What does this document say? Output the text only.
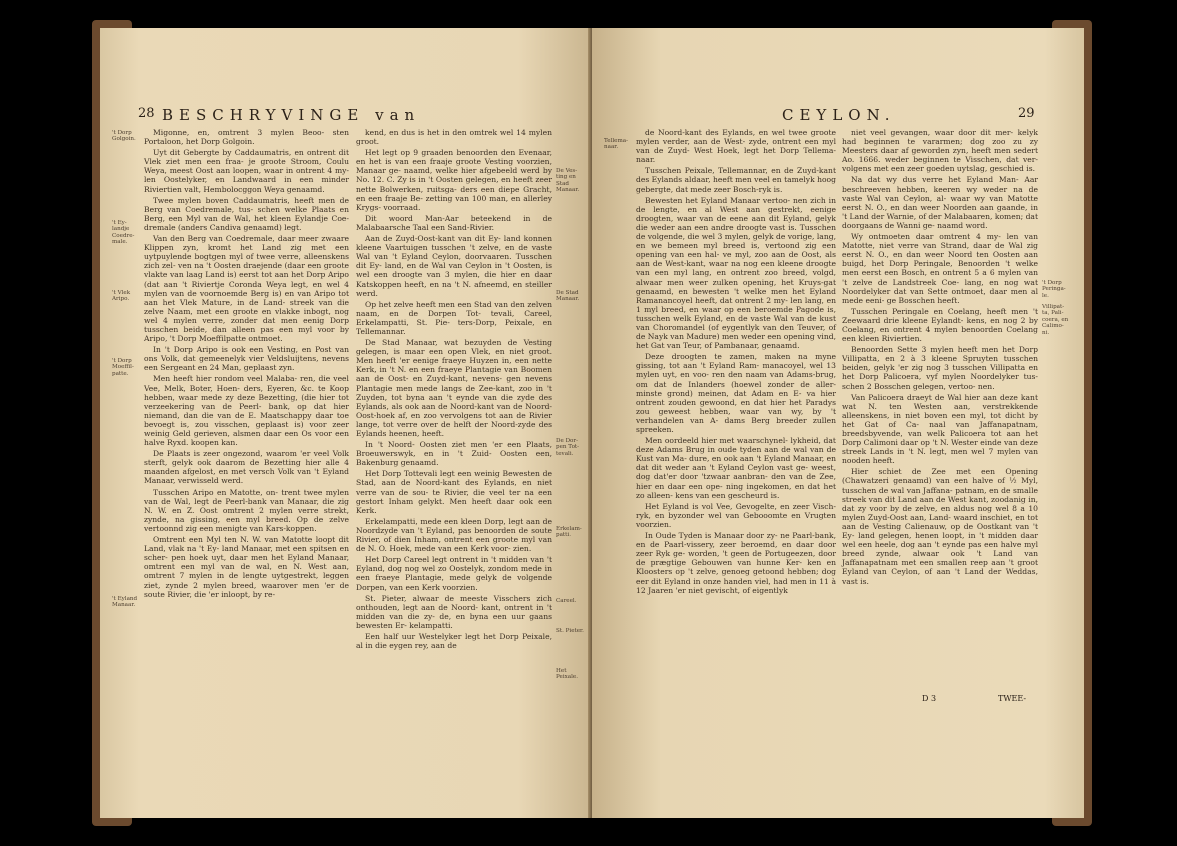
28 BESCHRYVINGE van
't Dorp Golgoin.
't Ey- landje Coedre- male.
't Vlek Aripo.
't Dorp Moeffil- patte.
't Eyland Manaar.
De Ves- ting en Stad Manaar.
De Stad Manaar.
De Dor- pen Tot- tevali.
Erkelam- patti.
Careel.
St. Pieter.
Het Peixale.

Migonne, en, omtrent 3 mylen Beoo- sten Portaloon, het Dorp Golgoin.

Uyt dit Gebergte by Caddaumatris, en ontrent dit Vlek ziet men een fraa- je groote Stroom, Coulu Weya, meest Oost aan loopen, waar in ontrent 4 my- len Oostelyker, en Landwaard in een minder Riviertien valt, Hembolocggon Weya genaamd.

Twee mylen boven Caddaumatris, heeft men de Berg van Coedremale, tus- schen welke Plaats en Berg, een Myl van de Wal, het kleen Eylandje Coe- dremale (anders Candiva genaamd) legt.

Van den Berg van Coedremale, daar meer zwaare Klippen zyn, kromt het Land zig met een uytpuylende bogtgen myl of twee verre, alleenskens zich zel- ven na 't Oosten draejende (daar een groote vlakte van laag Land is) eerst tot aan het Dorp Aripo (dat aan 't Riviertje Coronda Weya legt, en wel 4 mylen van de voornoemde Berg is) en van Aripo tot aan het Vlek Mature, in de Land- streek van die zelve Naam, met een groote en vlakke inbogt, nog wel 4 mylen verre, zonder dat men eenig Dorp tusschen beide, dan alleen pas een myl voor by Aripo, 't Dorp Moeffilpatte ontmoet.

In 't Dorp Aripo is ook een Vesting, en Post van ons Volk, dat gemeenelyk vier Veldsluijtens, nevens een Sergeant en 24 Man, geplaast zyn.

Men heeft hier rondom veel Malaba- ren, die veel Vee, Melk, Boter, Hoen- ders, Eyeren, &c. te Koop hebben, waar mede zy deze Bezetting, (die hier tot verzeekering van de Peerl- bank, op dat hier niemand, dan die van de E. Maatschappy daar toe bevoegt is, zou visschen, geplaast is) voor zeer weinig Geld gerieven, alsmen daar een Os voor een halve Ryxd. koopen kan.

De Plaats is zeer ongezond, waarom 'er veel Volk sterft, gelyk ook daarom de Bezetting hier alle 4 maanden afgelost, en met versch Volk van 't Eyland Manaar, verwisseld werd.

Tusschen Aripo en Matotte, on- trent twee mylen van de Wal, legt de Peerl-bank van Manaar, die zig N. W. en Z. Oost omtrent 2 mylen verre strekt, zynde, na gissing, een myl breed. Op de zelve vertoonnd zig een menigte van Kars-koppen.

Omtrent een Myl ten N. W. van Matotte loopt dit Land, vlak na 't Ey- land Manaar, met een spitsen en scher- pen hoek uyt, daar men het Eyland Manaar, omtrent een myl van de wal, en N. West aan, omtrent 7 mylen in de lengte uytgestrekt, leggen ziet, zynde 2 mylen breed, waarover men 'er de soute Rivier, die 'er inloopt, by re-

kend, en dus is het in den omtrek wel 14 mylen groot.

Het legt op 9 graaden benoorden den Evenaar, en het is van een fraaje groote Vesting voorzien, Manaar ge- naamd, welke hier afgebeeld werd by No. 12. C. Zy is in 't Oosten gelegen, en heeft zeer nette Bolwerken, ruitsga- ders een diepe Gracht, en een fraaje Be- zetting van 100 man, en allerley Krygs- voorraad.

Dit woord Man-Aar beteekend in de Malabaarsche Taal een Sand-Rivier.

Aan de Zuyd-Oost-kant van dit Ey- land konnen kleene Vaartuigen tusschen 't zelve, en de vaste Wal van 't Eyland Ceylon, doorvaaren. Tusschen dit Ey- land, en de Wal van Ceylon in 't Oosten, is wel een droogte van 3 mylen, die hier en daar Katskoppen heeft, en na 't N. afneemd, en steiller werd.

Op het zelve heeft men een Stad van den zelven naam, en de Dorpen Tot- tevali, Careel, Erkelampatti, St. Pie- ters-Dorp, Peixale, en Tellemannar.

De Stad Manaar, wat bezuyden de Vesting gelegen, is maar een open Vlek, en niet groot. Men heeft 'er eenige fraeye Huyzen in, een nette Kerk, in 't N. en een fraeye Plantagie van Boomen aan de Oost- en Zuyd-kant, nevens- gen nevens Plantagie men mede langs de Zee-kant, zoo in 't Zuyden, tot byna aan 't eynde van die zyde des Eylands, als ook aan de Noord-kant van de Noord- Oost-hoek af, en zoo vervolgens tot aan de Rivier lange, tot verre over de helft der Noord-zyde des Eylands heenen, heeft.

In 't Noord- Oosten ziet men 'er een Plaats, Broeuwerswyk, en in 't Zuid- Oosten een, Bakenburg genaamd.

Het Dorp Tottevali legt een weinig Bewesten de Stad, aan de Noord-kant des Eylands, en niet verre van de sou- te Rivier, die veel ter na een gestort Inham gelykt. Men heeft daar ook een Kerk.

Erkelampatti, mede een kleen Dorp, legt aan de Noordzyde van 't Eyland, pas benoorden de soute Rivier, of dien Inham, ontrent een groote myl van de N. O. Hoek, mede van een Kerk voor- zien.

Het Dorp Careel legt ontrent in 't midden van 't Eyland, dog nog wel zo Oostelyk, zondom mede in een fraeye Plantagie, mede gelyk de volgende Dorpen, van een Kerk voorzien.

St. Pieter, alwaar de meeste Visschers zich onthouden, legt aan de Noord- kant, ontrent in 't midden van die zy- de, en byna een uur gaans bewesten Er- kelampatti.

Een half uur Westelyker legt het Dorp Peixale, al in die eygen rey, aan de

CEYLON.	29
Tellema- naar.
't Dorp Peringa- le.
Villipat- ta, Pali- coera, en Calimo- ni.

de Noord-kant des Eylands, en wel twee groote mylen verder, aan de West- zyde, ontrent een myl van de Zuyd- West Hoek, legt het Dorp Tellema- naar.

Tusschen Peixale, Tellemannar, en de Zuyd-kant des Eylands aldaar, heeft men veel en tamelyk hoog gebergte, dat mede zeer Bosch-ryk is.

Bewesten het Eyland Manaar vertoo- nen zich in de lengte, en al West aan gestrekt, eenige droogten, waar van de eene aan dit Eyland, gelyk die weder aan een andre droogte vast is. Tusschen de volgende, die wel 3 mylen, gelyk de vorige, lang, en we bemeen myl breed is, vertoond zig een opening van een hal- ve myl, zoo aan de Oost, als aan de West-kant, waar na nog een kleene droogte van een myl lang, en ontrent zoo breed, volgd, alwaar men weer zulken opening, het Kruys-gat genaamd, en bewesten 't welke men het Eyland Ramanancoyel heeft, dat ontrent 2 my- len lang, en 1 myl breed, en waar op een beroemde Pagode is, tusschen welk Eyland, en de vaste Wal van de kust van Choromandel (of eygentlyk van den Teuver, of de Nayk van Madure) men weder een opening vind, het Gat van Teur, of Pambanaar, genaamd.

Deze droogten te zamen, maken na myne gissing, tot aan 't Eyland Ram- manacoyel, wel 13 mylen uyt, en voo- ren den naam van Adams-brug, om dat de Inlanders (hoewel zonder de aller- minste grond) meinen, dat Adam en E- va hier ontrent zouden gewoond, en dat hier het Paradys zou geweest hebben, waar van wy, by 't verhandelen van A- dams Berg breeder zullen spreeken.

Men oordeeld hier met waarschynel- lykheid, dat deze Adams Brug in oude tyden aan de wal van de Kust van Ma- dure, en ook aan 't Eyland Manaar, en dat dit weder aan 't Eyland Ceylon vast ge- weest, dog dat'er door 'tzwaar aanbran- den van de Zee, hier en daar een ope- ning ingekomen, en dat het zo alleen- kens van een gescheurd is.

Het Eyland is vol Vee, Gevogelte, en zeer Visch-ryk, en byzonder wel van Gebooomte en Vrugten voorzien.

In Oude Tyden is Manaar door zy- ne Paarl-bank, en de Paarl-vissery, zeer beroemd, en daar door zeer Ryk ge- worden, 't geen de Portugeezen, door de prægtige Gebouwen van hunne Ker- ken en Kloosters op 't zelve, genoeg getoond hebben; dog eer dit Eyland in onze handen viel, had men in 11 à 12 Jaaren 'er niet gevischt, of eigentlyk

niet veel gevangen, waar door dit mer- kelyk had beginnen te vararmen; dog zoo zu zy Meesters daar af geworden zyn, heeft men sedert Ao. 1666. weder beginnen te Visschen, dat ver- volgens met een zeer goeden uytslag, geschied is.

Na dat wy dus verre het Eyland Man- Aar beschreeven hebben, keeren wy weder na de vaste Wal van Ceylon, al- waar wy van Matotte eerst N. O., en dan weer Noorden aan gaande, in 't Land der Warnie, of der Malabaaren, komen; dat doorgaans de Wanni ge- naamd word.

Wy ontmoeten daar omtrent 4 my- len van Matotte, niet verre van Strand, daar de Wal zig eerst N. O., en dan weer Noord ten Oosten aan buigd, het Dorp Peringale, Benoorden 't welke men eerst een Bosch, en ontrent 5 a 6 mylen van 't zelve de Landstreek Coe- lang, en nog wat Noordelyker dat van Sette ontmoet, daar men al mede eeni- ge Bosschen heeft.

Tusschen Peringale en Coelang, heeft men 't Zeewaard drie kleene Eylandt- kens, en nog 2 by Coelang, en ontrent 4 mylen benoorden Coelang een kleen Riviertien.

Benoorden Sette 3 mylen heeft men het Dorp Villipatta, en 2 à 3 kleene Spruyten tusschen beiden, gelyk 'er zig nog 3 tusschen Villipatta en het Dorp Palicoera, vyf mylen Noordelyker tus- schen 2 Bosschen gelegen, vertoo- nen.

Van Palicoera draeyt de Wal hier aan deze kant wat N. ten Westen aan, verstrekkende alleenskens, in niet boven een myl, tot dicht by het Gat of Ca- naal van Jaffanapatnam, breedsbyvende, van welk Palicoera tot aan het Dorp Calimoni daar op 't N. Wester einde van deze streek Lands in 't N. legt, men wel 7 mylen van nooden heeft.

Hier schiet de Zee met een Opening (Chawatzeri genaamd) van een halve of ½ Myl, tusschen de wal van Jaffana- patnam, en de smalle streek van dit Land aan de West kant, zoodanig in, dat zy voor by de zelve, en aldus nog wel 8 a 10 mylen Zuyd-Oost aan, Land- waard inschiet, en tot aan de Vesting Calienauw, op de Oostkant van 't Ey- land gelegen, henen loopt, in 't midden daar wel een heele, dog aan 't eynde pas een halve myl breed zynde, alwaar ook 't Land van Jaffanapatnam met een smallen reep aan 't groot Eyland van Ceylon, of aan 't Land der Weddas, vast is.

D 3	TWEE-
